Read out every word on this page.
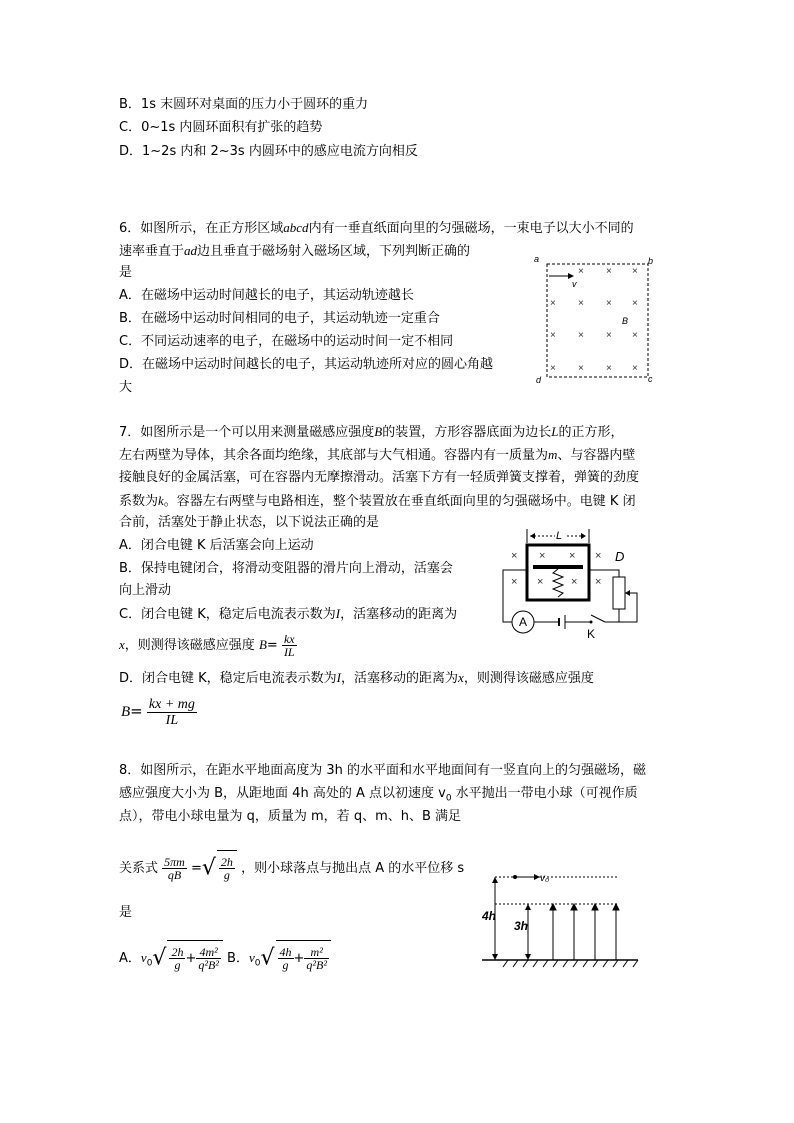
B．1s 末圆环对桌面的压力小于圆环的重力
C．0~1s 内圆环面积有扩张的趋势
D．1~2s 内和 2~3s 内圆环中的感应电流方向相反
6．如图所示，在正方形区域abcd内有一垂直纸面向里的匀强磁场，一束电子以大小不同的
速率垂直于ad边且垂直于磁场射入磁场区域，下列判断正确的
是
A．在磁场中运动时间越长的电子，其运动轨迹越长
B．在磁场中运动时间相同的电子，其运动轨迹一定重合
C．不同运动速率的电子，在磁场中的运动时间一定不相同
D．在磁场中运动时间越长的电子，其运动轨迹所对应的圆心角越
大
a	b
c
d
v
B
× × ×
× × × ×
× × × ×
× × × ×
7．如图所示是一个可以用来测量磁感应强度B的装置，方形容器底面为边长L的正方形，
左右两壁为导体，其余各面均绝缘，其底部与大气相通。容器内有一质量为m、与容器内壁
接触良好的金属活塞，可在容器内无摩擦滑动。活塞下方有一轻质弹簧支撑着，弹簧的劲度
系数为k。容器左右两壁与电路相连，整个装置放在垂直纸面向里的匀强磁场中。电键 K 闭
合前，活塞处于静止状态，以下说法正确的是
A．闭合电键 K 后活塞会向上运动
B．保持电键闭合，将滑动变阻器的滑片向上滑动，活塞会
向上滑动
C．闭合电键 K，稳定后电流表示数为I，活塞移动的距离为
x，则测得该磁感应强度 $B= \frac{kx}{IL}$
D．闭合电键 K，稳定后电流表示数为I，活塞移动的距离为x，则测得该磁感应强度
$B= \frac{kx + mg}{IL}$
L
× × × ×
× ×	× ×
D
K
A
8．如图所示，在距水平地面高度为 3h 的水平面和水平地面间有一竖直向上的匀强磁场，磁
感应强度大小为 B，从距地面 4h 高处的 A 点以初速度 $v_0$ 水平抛出一带电小球（可视作质
点），带电小球电量为 q，质量为 m，若 q、m、h、B 满足
关系式 $\frac{5\pi m}{qB}$ =√ $\frac{2h}{g}$ ，则小球落点与抛出点 A 的水平位移 s
是
A．$v_0√ \frac{2h}{g} + \frac{\text{4m²}}{\text{q²B²}}$ B．$v_0√ \frac{4h}{g} + \frac{\text{m²}}{\text{q²B²}}$
v₀
4h
3h
